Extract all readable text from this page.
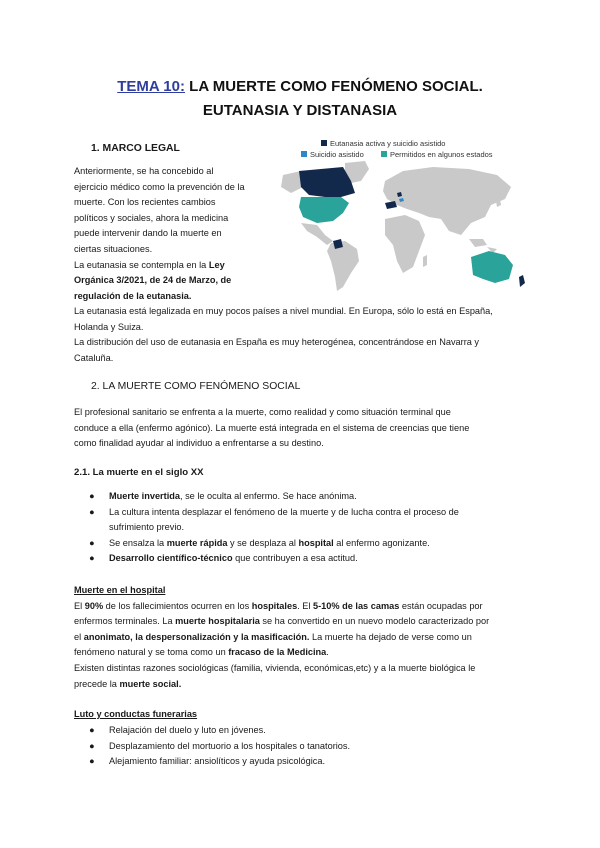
TEMA 10: LA MUERTE COMO FENÓMENO SOCIAL.
EUTANASIA Y DISTANASIA
1. MARCO LEGAL
Anteriormente, se ha concebido al
ejercicio médico como la prevención de la
muerte. Con los recientes cambios
políticos y sociales, ahora la medicina
puede intervenir dando la muerte en
ciertas situaciones.
La eutanasia se contempla en la Ley
Orgánica 3/2021, de 24 de Marzo, de
regulación de la eutanasia.
La eutanasia está legalizada en muy pocos países a nivel mundial. En Europa, sólo lo está en España,
Holanda y Suiza.
La distribución del uso de eutanasia en España es muy heterogénea, concentrándose en Navarra y
Cataluña.
Eutanasia activa y suicidio asistido
Suicidio asistido	Permitidos en algunos estados
2. LA MUERTE COMO FENÓMENO SOCIAL
El profesional sanitario se enfrenta a la muerte, como realidad y como situación terminal que
conduce a ella (enfermo agónico). La muerte está integrada en el sistema de creencias que tiene
como finalidad ayudar al individuo a enfrentarse a su destino.
2.1. La muerte en el siglo XX
● Muerte invertida, se le oculta al enfermo. Se hace anónima.
● La cultura intenta desplazar el fenómeno de la muerte y de lucha contra el proceso de
sufrimiento previo.
● Se ensalza la muerte rápida y se desplaza al hospital al enfermo agonizante.
● Desarrollo científico-técnico que contribuyen a esa actitud.
Muerte en el hospital
El 90% de los fallecimientos ocurren en los hospitales. El 5-10% de las camas están ocupadas por
enfermos terminales. La muerte hospitalaria se ha convertido en un nuevo modelo caracterizado por
el anonimato, la despersonalización y la masificación. La muerte ha dejado de verse como un
fenómeno natural y se toma como un fracaso de la Medicina.
Existen distintas razones sociológicas (familia, vivienda, económicas,etc) y a la muerte biológica le
precede la muerte social.
Luto y conductas funerarias
● Relajación del duelo y luto en jóvenes.
● Desplazamiento del mortuorio a los hospitales o tanatorios.
● Alejamiento familiar: ansiolíticos y ayuda psicológica.
